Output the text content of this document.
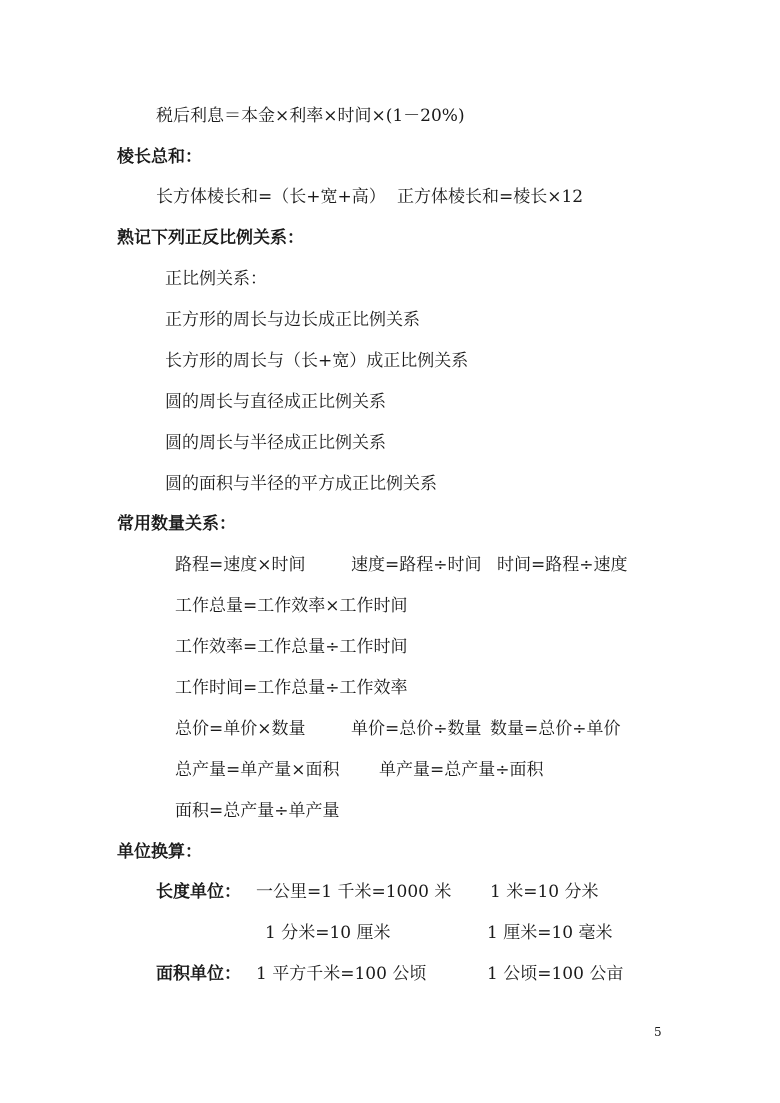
税后利息＝本金×利率×时间×(1－20%)
棱长总和：
长方体棱长和=（长+宽+高） 正方体棱长和=棱长×12
熟记下列正反比例关系：
正比例关系：
正方形的周长与边长成正比例关系
长方形的周长与（长+宽）成正比例关系
圆的周长与直径成正比例关系
圆的周长与半径成正比例关系
圆的面积与半径的平方成正比例关系
常用数量关系：
路程=速度×时间	速度=路程÷时间 时间=路程÷速度
工作总量=工作效率×工作时间
工作效率=工作总量÷工作时间
工作时间=工作总量÷工作效率
总价=单价×数量	单价=总价÷数量 数量=总价÷单价
总产量=单产量×面积 单产量=总产量÷面积
面积=总产量÷单产量
单位换算：
长度单位： 一公里=1 千米=1000 米 1 米=10 分米
1 分米=10 厘米	1 厘米=10 毫米
面积单位： 1 平方千米=100 公顷	1 公顷=100 公亩
5
